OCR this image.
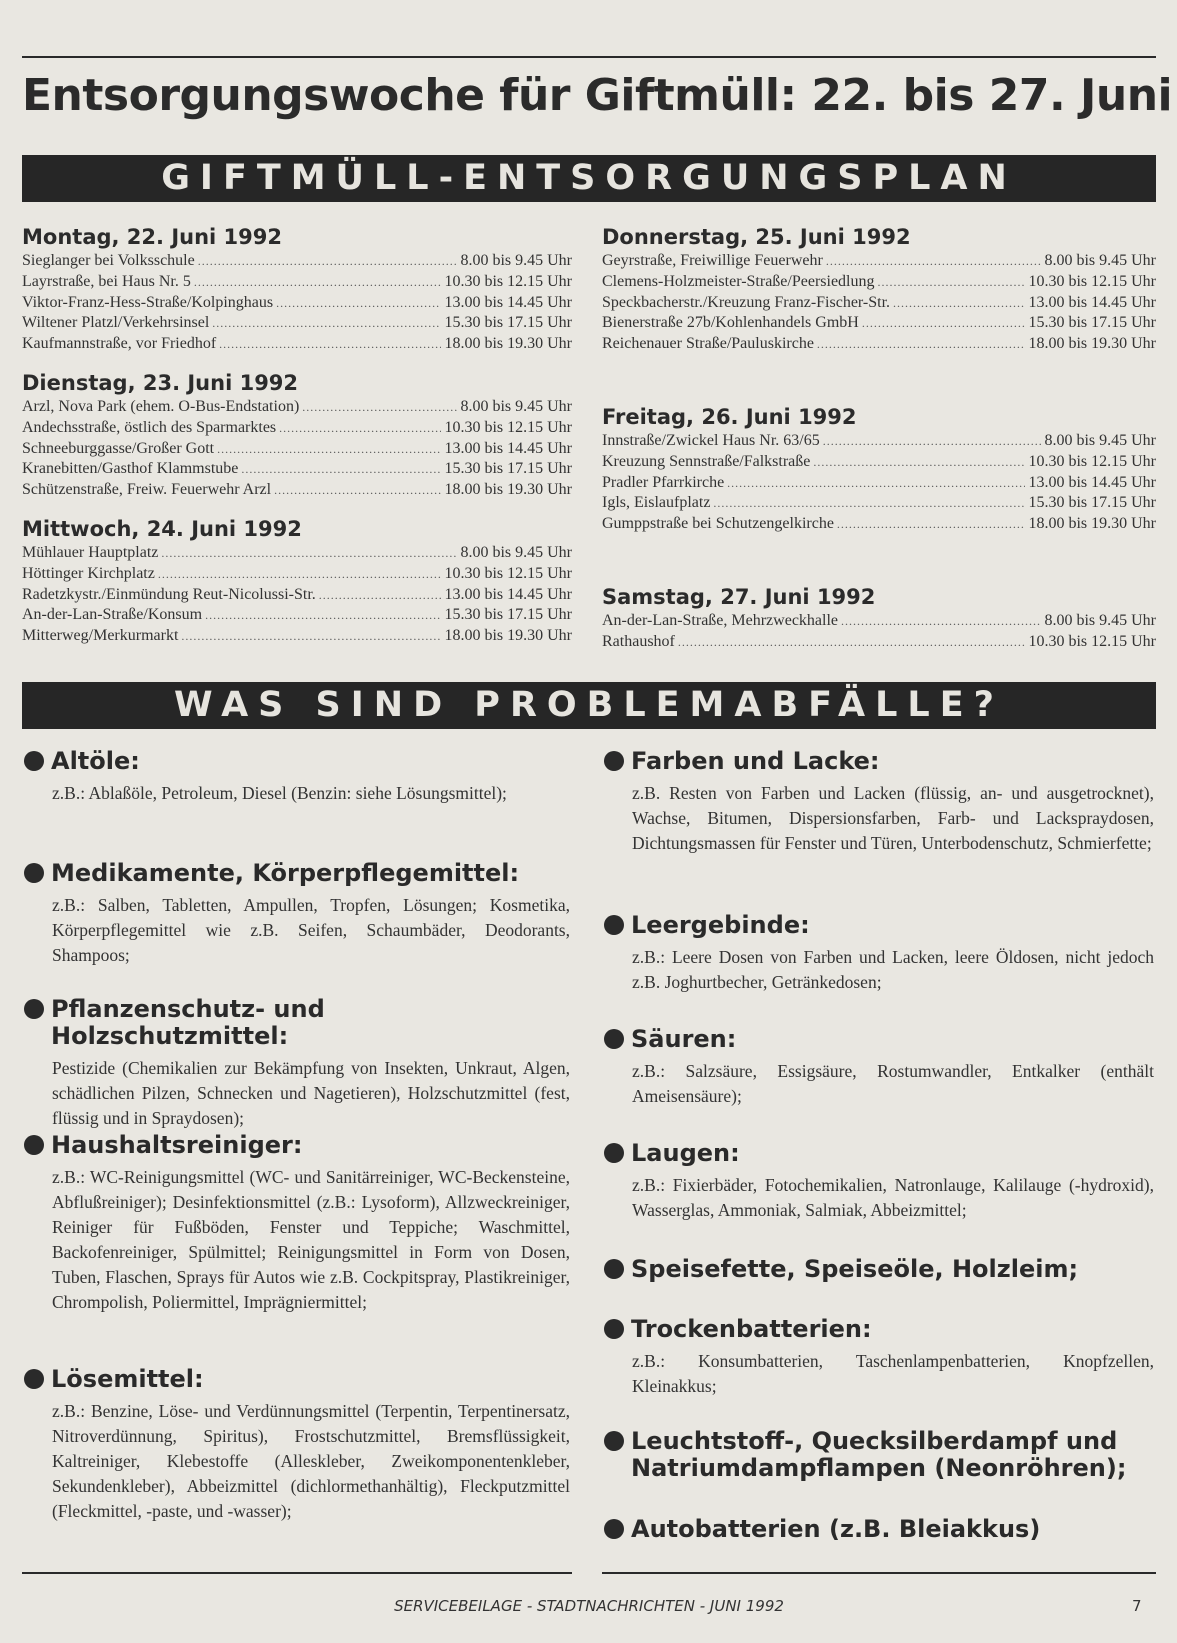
Entsorgungswoche für Giftmüll: 22. bis 27. Juni
GIFTMÜLL-ENTSORGUNGSPLAN
Montag, 22. Juni 1992
Sieglanger bei Volksschule .....	8.00 bis 9.45 Uhr
Layrstraße, bei Haus Nr. 5 .....	10.30 bis 12.15 Uhr
Viktor-Franz-Hess-Straße/Kolpinghaus .....	13.00 bis 14.45 Uhr
Wiltener Platzl/Verkehrsinsel .....	15.30 bis 17.15 Uhr
Kaufmannstraße, vor Friedhof .....	18.00 bis 19.30 Uhr
Dienstag, 23. Juni 1992
Arzl, Nova Park (ehem. O-Bus-Endstation) .....	8.00 bis 9.45 Uhr
Andechsstraße, östlich des Sparmarktes .....	10.30 bis 12.15 Uhr
Schneeburggasse/Großer Gott .....	13.00 bis 14.45 Uhr
Kranebitten/Gasthof Klammstube .....	15.30 bis 17.15 Uhr
Schützenstraße, Freiw. Feuerwehr Arzl .....	18.00 bis 19.30 Uhr
Mittwoch, 24. Juni 1992
Mühlauer Hauptplatz .....	8.00 bis 9.45 Uhr
Höttinger Kirchplatz .....	10.30 bis 12.15 Uhr
Radetzkystr./Einmündung Reut-Nicolussi-Str. .....	13.00 bis 14.45 Uhr
An-der-Lan-Straße/Konsum .....	15.30 bis 17.15 Uhr
Mitterweg/Merkurmarkt .....	18.00 bis 19.30 Uhr
Donnerstag, 25. Juni 1992
Geyrstraße, Freiwillige Feuerwehr .....	8.00 bis 9.45 Uhr
Clemens-Holzmeister-Straße/Peersiedlung .....	10.30 bis 12.15 Uhr
Speckbacherstr./Kreuzung Franz-Fischer-Str. .....	13.00 bis 14.45 Uhr
Bienerstraße 27b/Kohlenhandels GmbH .....	15.30 bis 17.15 Uhr
Reichenauer Straße/Pauluskirche .....	18.00 bis 19.30 Uhr
Freitag, 26. Juni 1992
Innstraße/Zwickel Haus Nr. 63/65 .....	8.00 bis 9.45 Uhr
Kreuzung Sennstraße/Falkstraße .....	10.30 bis 12.15 Uhr
Pradler Pfarrkirche .....	13.00 bis 14.45 Uhr
Igls, Eislaufplatz .....	15.30 bis 17.15 Uhr
Gumppstraße bei Schutzengelkirche .....	18.00 bis 19.30 Uhr
Samstag, 27. Juni 1992
An-der-Lan-Straße, Mehrzweckhalle .....	8.00 bis 9.45 Uhr
Rathaushof .....	10.30 bis 12.15 Uhr
WAS SIND PROBLEMABFÄLLE?
Altöle:
z.B.: Ablaßöle, Petroleum, Diesel (Benzin: siehe Lösungsmittel);
Medikamente, Körperpflegemittel:
z.B.: Salben, Tabletten, Ampullen, Tropfen, Lösungen; Kosmetika, Körperpflegemittel wie z.B. Seifen, Schaumbäder, Deodorants, Shampoos;
Pflanzenschutz- und Holzschutzmittel:
Pestizide (Chemikalien zur Bekämpfung von Insekten, Unkraut, Algen, schädlichen Pilzen, Schnecken und Nagetieren), Holzschutzmittel (fest, flüssig und in Spraydosen);
Haushaltsreiniger:
z.B.: WC-Reinigungsmittel (WC- und Sanitärreiniger, WC-Beckensteine, Abflußreiniger); Desinfektionsmittel (z.B.: Lysoform), Allzweckreiniger, Reiniger für Fußböden, Fenster und Teppiche; Waschmittel, Backofenreiniger, Spülmittel; Reinigungsmittel in Form von Dosen, Tuben, Flaschen, Sprays für Autos wie z.B. Cockpitspray, Plastikreiniger, Chrompolish, Poliermittel, Imprägniermittel;
Lösemittel:
z.B.: Benzine, Löse- und Verdünnungsmittel (Terpentin, Terpentinersatz, Nitroverdünnung, Spiritus), Frostschutzmittel, Bremsflüssigkeit, Kaltreiniger, Klebestoffe (Alleskleber, Zweikomponentenkleber, Sekundenkleber), Abbeizmittel (dichlormethanhältig), Fleckputzmittel (Fleckmittel, -paste, und -wasser);
Farben und Lacke:
z.B. Resten von Farben und Lacken (flüssig, an- und ausgetrocknet), Wachse, Bitumen, Dispersionsfarben, Farb- und Lackspraydosen, Dichtungsmassen für Fenster und Türen, Unterbodenschutz, Schmierfette;
Leergebinde:
z.B.: Leere Dosen von Farben und Lacken, leere Öldosen, nicht jedoch z.B. Joghurtbecher, Getränkedosen;
Säuren:
z.B.: Salzsäure, Essigsäure, Rostumwandler, Entkalker (enthält Ameisensäure);
Laugen:
z.B.: Fixierbäder, Fotochemikalien, Natronlauge, Kalilauge (-hydroxid), Wasserglas, Ammoniak, Salmiak, Abbeizmittel;
Speisefette, Speiseöle, Holzleim;
Trockenbatterien:
z.B.: Konsumbatterien, Taschenlampenbatterien, Knopfzellen, Kleinakkus;
Leuchtstoff-, Quecksilberdampf und Natriumdampflampen (Neonröhren);
Autobatterien (z.B. Bleiakkus)
SERVICEBEILAGE - STADTNACHRICHTEN - JUNI 1992	7
